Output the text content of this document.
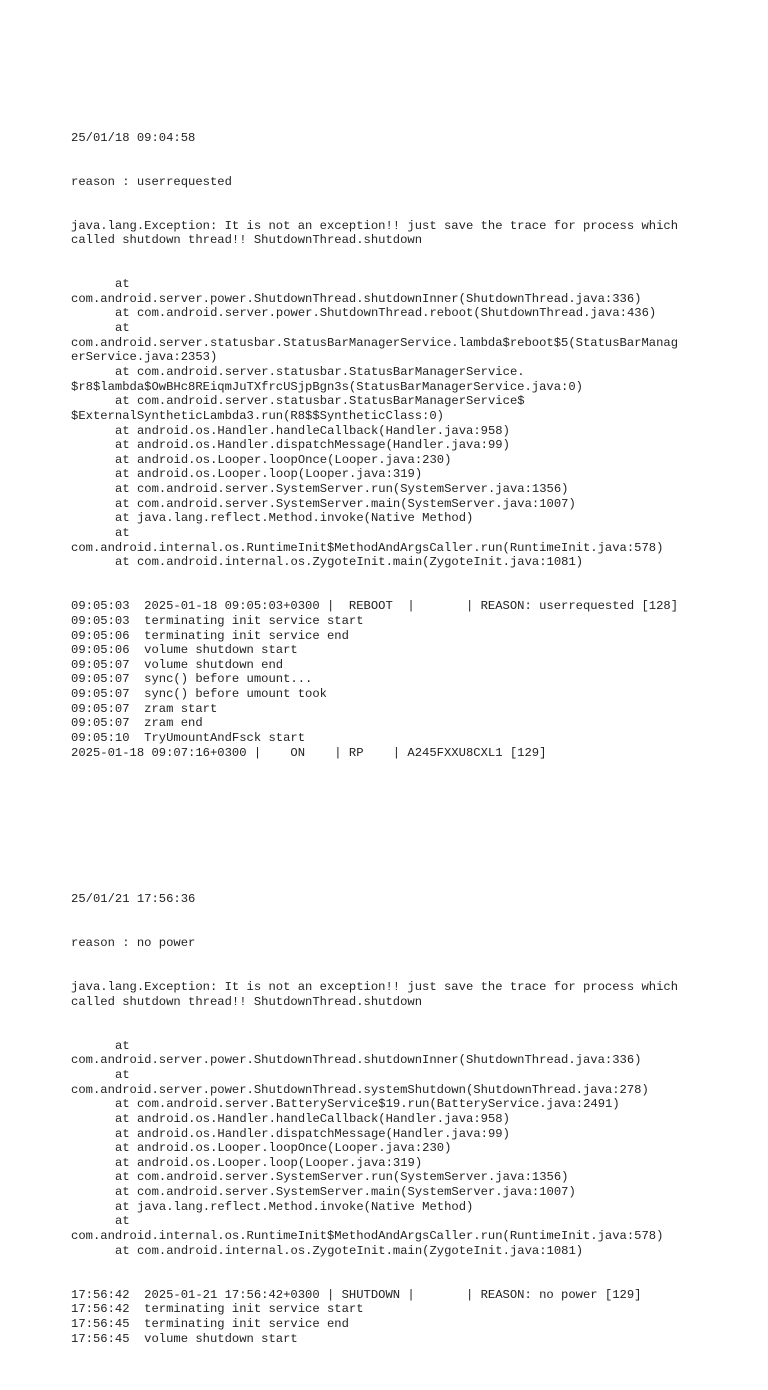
25/01/18 09:04:58

reason : userrequested

java.lang.Exception: It is not an exception!! just save the trace for process which
called shutdown thread!! ShutdownThread.shutdown

at
com.android.server.power.ShutdownThread.shutdownInner(ShutdownThread.java:336)
at com.android.server.power.ShutdownThread.reboot(ShutdownThread.java:436)
at
com.android.server.statusbar.StatusBarManagerService.lambda$reboot$5(StatusBarManag
erService.java:2353)
at com.android.server.statusbar.StatusBarManagerService.
$r8$lambda$OwBHc8REiqmJuTXfrcUSjpBgn3s(StatusBarManagerService.java:0)
at com.android.server.statusbar.StatusBarManagerService$
$ExternalSyntheticLambda3.run(R8$$SyntheticClass:0)
at android.os.Handler.handleCallback(Handler.java:958)
at android.os.Handler.dispatchMessage(Handler.java:99)
at android.os.Looper.loopOnce(Looper.java:230)
at android.os.Looper.loop(Looper.java:319)
at com.android.server.SystemServer.run(SystemServer.java:1356)
at com.android.server.SystemServer.main(SystemServer.java:1007)
at java.lang.reflect.Method.invoke(Native Method)
at
com.android.internal.os.RuntimeInit$MethodAndArgsCaller.run(RuntimeInit.java:578)
at com.android.internal.os.ZygoteInit.main(ZygoteInit.java:1081)

09:05:03  2025-01-18 09:05:03+0300 |  REBOOT  |       | REASON: userrequested [128]
09:05:03  terminating init service start
09:05:06  terminating init service end
09:05:06  volume shutdown start
09:05:07  volume shutdown end
09:05:07  sync() before umount...
09:05:07  sync() before umount took
09:05:07  zram start
09:05:07  zram end
09:05:10  TryUmountAndFsck start
2025-01-18 09:07:16+0300 |    ON    | RP    | A245FXXU8CXL1 [129]

25/01/21 17:56:36

reason : no power

java.lang.Exception: It is not an exception!! just save the trace for process which
called shutdown thread!! ShutdownThread.shutdown

at
com.android.server.power.ShutdownThread.shutdownInner(ShutdownThread.java:336)
at
com.android.server.power.ShutdownThread.systemShutdown(ShutdownThread.java:278)
at com.android.server.BatteryService$19.run(BatteryService.java:2491)
at android.os.Handler.handleCallback(Handler.java:958)
at android.os.Handler.dispatchMessage(Handler.java:99)
at android.os.Looper.loopOnce(Looper.java:230)
at android.os.Looper.loop(Looper.java:319)
at com.android.server.SystemServer.run(SystemServer.java:1356)
at com.android.server.SystemServer.main(SystemServer.java:1007)
at java.lang.reflect.Method.invoke(Native Method)
at
com.android.internal.os.RuntimeInit$MethodAndArgsCaller.run(RuntimeInit.java:578)
at com.android.internal.os.ZygoteInit.main(ZygoteInit.java:1081)

17:56:42  2025-01-21 17:56:42+0300 | SHUTDOWN |       | REASON: no power [129]
17:56:42  terminating init service start
17:56:45  terminating init service end
17:56:45  volume shutdown start
